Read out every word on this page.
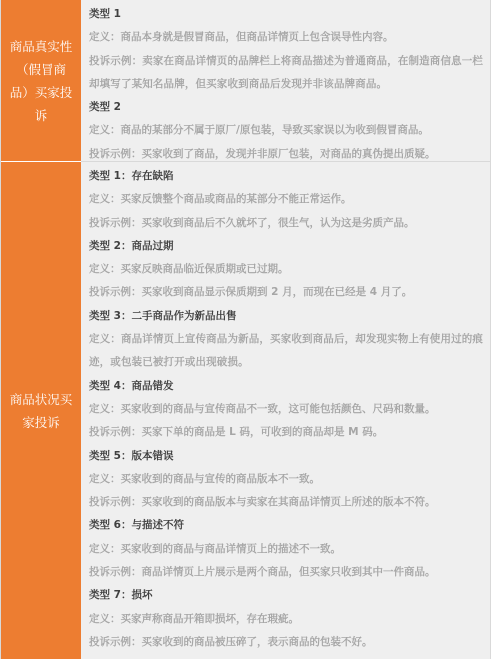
商品真实性（假冒商品）买家投诉
类型 1
定义：商品本身就是假冒商品，但商品详情页上包含误导性内容。
投诉示例：卖家在商品详情页的品牌栏上将商品描述为普通商品，在制造商信息一栏却填写了某知名品牌，但买家收到商品后发现并非该品牌商品。
类型 2
定义：商品的某部分不属于原厂/原包装，导致买家误以为收到假冒商品。
投诉示例：买家收到了商品，发现并非原厂包装，对商品的真伪提出质疑。
商品状况买家投诉
类型 1：存在缺陷
定义：买家反馈整个商品或商品的某部分不能正常运作。
投诉示例：买家收到商品后不久就坏了，很生气，认为这是劣质产品。
类型 2：商品过期
定义：买家反映商品临近保质期或已过期。
投诉示例：买家收到商品显示保质期到 2 月，而现在已经是 4 月了。
类型 3：二手商品作为新品出售
定义：商品详情页上宣传商品为新品，买家收到商品后，却发现实物上有使用过的痕迹，或包装已被打开或出现破损。
类型 4：商品错发
定义：买家收到的商品与宣传商品不一致，这可能包括颜色、尺码和数量。
投诉示例：买家下单的商品是 L 码，可收到的商品却是 M 码。
类型 5：版本错误
定义：买家收到的商品与宣传的商品版本不一致。
投诉示例：买家收到的商品版本与卖家在其商品详情页上所述的版本不符。
类型 6：与描述不符
定义：买家收到的商品与商品详情页上的描述不一致。
投诉示例：商品详情页上片展示是两个商品，但买家只收到其中一件商品。
类型 7：损坏
定义：买家声称商品开箱即损坏，存在瑕疵。
投诉示例：买家收到的商品被压碎了，表示商品的包装不好。
